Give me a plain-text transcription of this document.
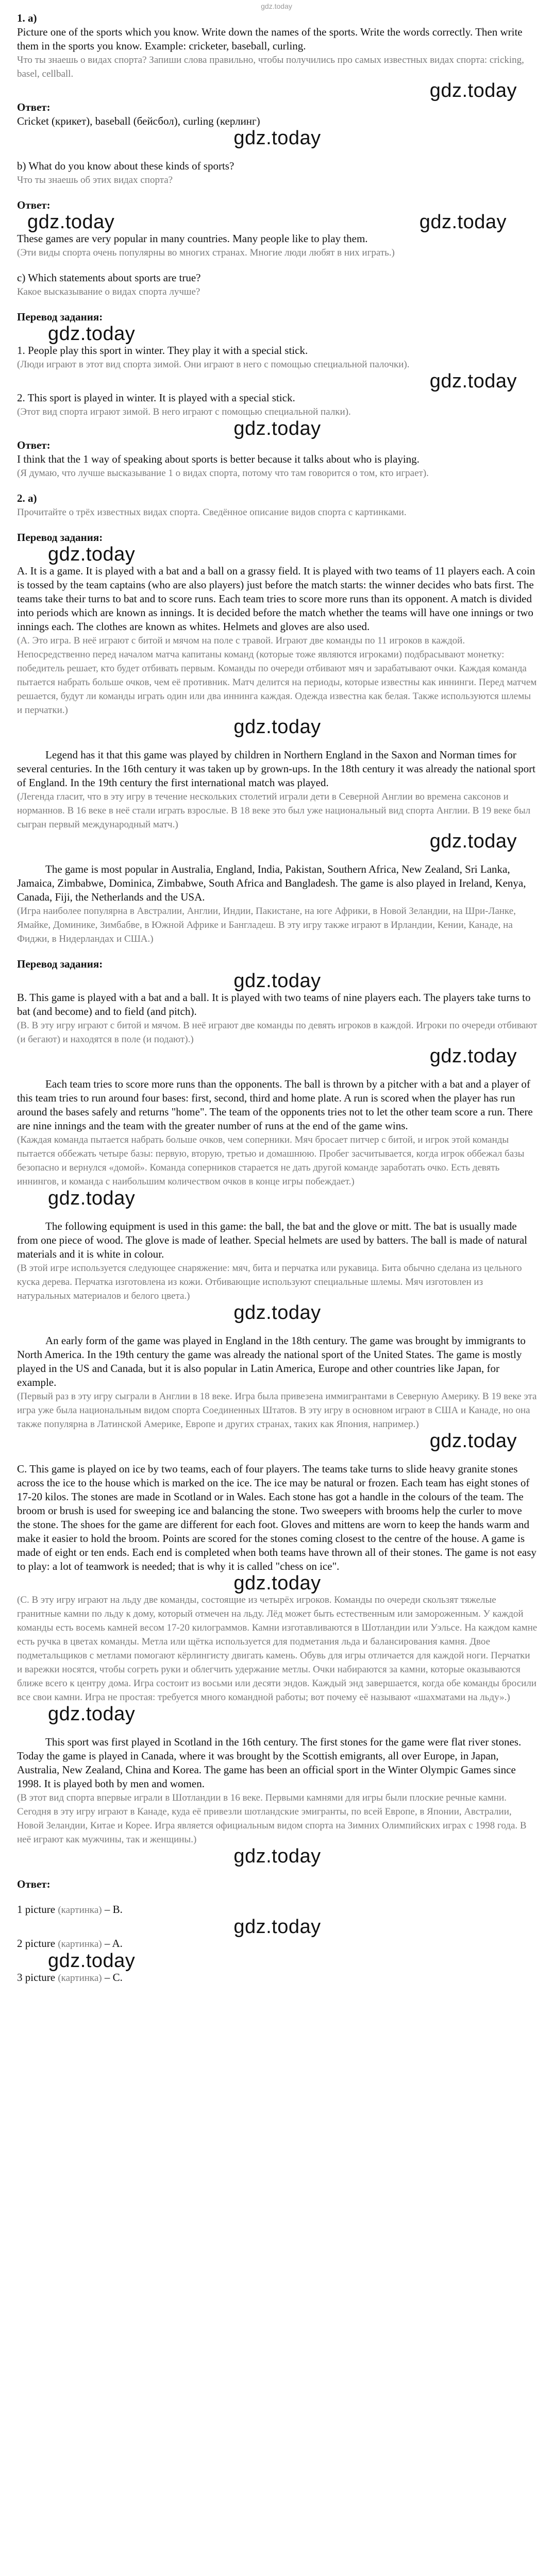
gdz.today

1. a)

Picture one of the sports which you know. Write down the names of the sports. Write the words correctly. Then write them in the sports you know. Example: cricketer, baseball, curling.

Что ты знаешь о видах спорта? Запиши слова правильно, чтобы получились про самых известных видах спорта: cricking, basel, cellball.

gdz.today

Ответ:

Cricket (крикет), baseball (бейсбол), curling (керлинг)

gdz.today

b) What do you know about these kinds of sports?

Что ты знаешь об этих видах спорта?

Ответ:

gdz.today	gdz.today

These games are very popular in many countries. Many people like to play them.

(Эти виды спорта очень популярны во многих странах. Многие люди любят в них играть.)

c) Which statements about sports are true?

Какое высказывание о видах спорта лучше?

Перевод задания:

gdz.today

1. People play this sport in winter. They play it with a special stick.

(Люди играют в этот вид спорта зимой. Они играют в него с помощью специальной палочки).

gdz.today

2. This sport is played in winter. It is played with a special stick.

(Этот вид спорта играют зимой. В него играют с помощью специальной палки).

gdz.today

Ответ:

I think that the 1 way of speaking about sports is better because it talks about who is playing.

(Я думаю, что лучше высказывание 1 о видах спорта, потому что там говорится о том, кто играет).

2. a)

Прочитайте о трёх известных видах спорта. Сведённое описание видов спорта с картинками.

Перевод задания:

gdz.today

A. It is a game. It is played with a bat and a ball on a grassy field. It is played with two teams of 11 players each. A coin is tossed by the team captains (who are also players) just before the match starts: the winner decides who bats first. The teams take their turns to bat and to score runs. Each team tries to score more runs than its opponent. A match is divided into periods which are known as innings. It is decided before the match whether the teams will have one innings or two innings each. The clothes are known as whites. Helmets and gloves are also used.

(А. Это игра. В неё играют с битой и мячом на поле с травой. Играют две команды по 11 игроков в каждой. Непосредственно перед началом матча капитаны команд (которые тоже являются игроками) подбрасывают монетку: победитель решает, кто будет отбивать первым. Команды по очереди отбивают мяч и зарабатывают очки. Каждая команда пытается набрать больше очков, чем её противник. Матч делится на периоды, которые известны как иннинги. Перед матчем решается, будут ли команды играть один или два иннинга каждая. Одежда известна как белая. Также используются шлемы и перчатки.)

gdz.today

Legend has it that this game was played by children in Northern England in the Saxon and Norman times for several centuries. In the 16th century it was taken up by grown-ups. In the 18th century it was already the national sport of England. In the 19th century the first international match was played.

(Легенда гласит, что в эту игру в течение нескольких столетий играли дети в Северной Англии во времена саксонов и норманнов. В 16 веке в неё стали играть взрослые. В 18 веке это был уже национальный вид спорта Англии. В 19 веке был сыгран первый международный матч.)

gdz.today

The game is most popular in Australia, England, India, Pakistan, Southern Africa, New Zealand, Sri Lanka, Jamaica, Zimbabwe, Dominica, Zimbabwe, South Africa and Bangladesh. The game is also played in Ireland, Kenya, Canada, Fiji, the Netherlands and the USA.

(Игра наиболее популярна в Австралии, Англии, Индии, Пакистане, на юге Африки, в Новой Зеландии, на Шри-Ланке, Ямайке, Доминике, Зимбабве, в Южной Африке и Бангладеш. В эту игру также играют в Ирландии, Кении, Канаде, на Фиджи, в Нидерландах и США.)

Перевод задания:

gdz.today

B. This game is played with a bat and a ball. It is played with two teams of nine players each. The players take turns to bat (and become) and to field (and pitch).

(В. В эту игру играют с битой и мячом. В неё играют две команды по девять игроков в каждой. Игроки по очереди отбивают (и бегают) и находятся в поле (и подают).)

gdz.today

Each team tries to score more runs than the opponents. The ball is thrown by a pitcher with a bat and a player of this team tries to run around four bases: first, second, third and home plate. A run is scored when the player has run around the bases safely and returns "home". The team of the opponents tries not to let the other team score a run. There are nine innings and the team with the greater number of runs at the end of the game wins.

(Каждая команда пытается набрать больше очков, чем соперники. Мяч бросает питчер с битой, и игрок этой команды пытается оббежать четыре базы: первую, вторую, третью и домашнюю. Пробег засчитывается, когда игрок оббежал базы безопасно и вернулся «домой». Команда соперников старается не дать другой команде заработать очко. Есть девять иннингов, и команда с наибольшим количеством очков в конце игры побеждает.)

gdz.today

The following equipment is used in this game: the ball, the bat and the glove or mitt. The bat is usually made from one piece of wood. The glove is made of leather. Special helmets are used by batters. The ball is made of natural materials and it is white in colour.

(В этой игре используется следующее снаряжение: мяч, бита и перчатка или рукавица. Бита обычно сделана из цельного куска дерева. Перчатка изготовлена из кожи. Отбивающие используют специальные шлемы. Мяч изготовлен из натуральных материалов и белого цвета.)

gdz.today

An early form of the game was played in England in the 18th century. The game was brought by immigrants to North America. In the 19th century the game was already the national sport of the United States. The game is mostly played in the US and Canada, but it is also popular in Latin America, Europe and other countries like Japan, for example.

(Первый раз в эту игру сыграли в Англии в 18 веке. Игра была привезена иммигрантами в Северную Америку. В 19 веке эта игра уже была национальным видом спорта Соединенных Штатов. В эту игру в основном играют в США и Канаде, но она также популярна в Латинской Америке, Европе и других странах, таких как Япония, например.)

gdz.today

C. This game is played on ice by two teams, each of four players. The teams take turns to slide heavy granite stones across the ice to the house which is marked on the ice. The ice may be natural or frozen. Each team has eight stones of 17-20 kilos. The stones are made in Scotland or in Wales. Each stone has got a handle in the colours of the team. The broom or brush is used for sweeping ice and balancing the stone. Two sweepers with brooms help the curler to move the stone. The shoes for the game are different for each foot. Gloves and mittens are worn to keep the hands warm and make it easier to hold the broom. Points are scored for the stones coming closest to the centre of the house. A game is made of eight or ten ends. Each end is completed when both teams have thrown all of their stones. The game is not easy to play: a lot of teamwork is needed; that is why it is called "chess on ice".

gdz.today

(С. В эту игру играют на льду две команды, состоящие из четырёх игроков. Команды по очереди скользят тяжелые гранитные камни по льду к дому, который отмечен на льду. Лёд может быть естественным или замороженным. У каждой команды есть восемь камней весом 17-20 килограммов. Камни изготавливаются в Шотландии или Уэльсе. На каждом камне есть ручка в цветах команды. Метла или щётка используется для подметания льда и балансирования камня. Двое подметальщиков с метлами помогают кёрлингисту двигать камень. Обувь для игры отличается для каждой ноги. Перчатки и варежки носятся, чтобы согреть руки и облегчить удержание метлы. Очки набираются за камни, которые оказываются ближе всего к центру дома. Игра состоит из восьми или десяти эндов. Каждый энд завершается, когда обе команды бросили все свои камни. Игра не простая: требуется много командной работы; вот почему её называют «шахматами на льду».)

gdz.today

This sport was first played in Scotland in the 16th century. The first stones for the game were flat river stones. Today the game is played in Canada, where it was brought by the Scottish emigrants, all over Europe, in Japan, Australia, New Zealand, China and Korea. The game has been an official sport in the Winter Olympic Games since 1998. It is played both by men and women.

(В этот вид спорта впервые играли в Шотландии в 16 веке. Первыми камнями для игры были плоские речные камни. Сегодня в эту игру играют в Канаде, куда её привезли шотландские эмигранты, по всей Европе, в Японии, Австралии, Новой Зеландии, Китае и Корее. Игра является официальным видом спорта на Зимних Олимпийских играх с 1998 года. В неё играют как мужчины, так и женщины.)

gdz.today

Ответ:

1 picture (картинка) – B.

gdz.today

2 picture (картинка) – A.

gdz.today

3 picture (картинка) – C.
